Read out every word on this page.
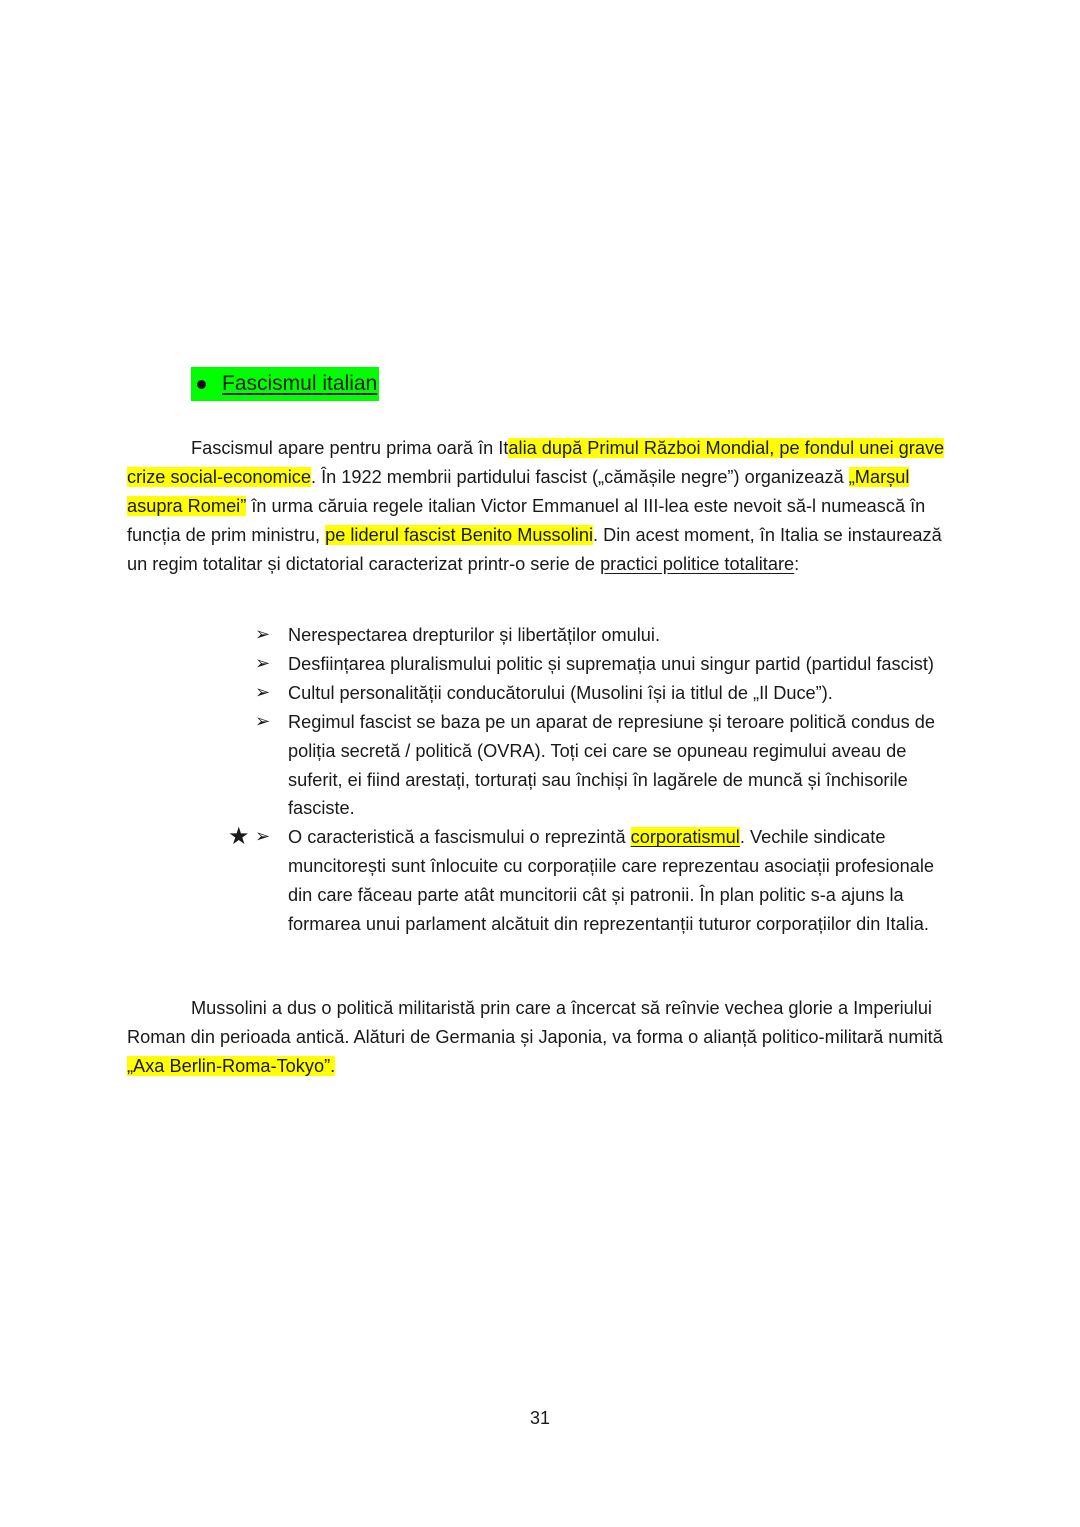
Fascismul italian
Fascismul apare pentru prima oară în Italia după Primul Război Mondial, pe fondul unei grave crize social-economice. În 1922 membrii partidului fascist („cămășile negre”) organizează „Marșul asupra Romei” în urma căruia regele italian Victor Emmanuel al III-lea este nevoit să-l numească în funcția de prim ministru, pe liderul fascist Benito Mussolini. Din acest moment, în Italia se instaurează un regim totalitar și dictatorial caracterizat printr-o serie de practici politice totalitare:
➢ Nerespectarea drepturilor și libertăților omului.
➢ Desființarea pluralismului politic și supremația unui singur partid (partidul fascist)
➢ Cultul personalității conducătorului (Musolini își ia titlul de „Il Duce”).
➢ Regimul fascist se baza pe un aparat de represiune și teroare politică condus de poliția secretă / politică (OVRA). Toți cei care se opuneau regimului aveau de suferit, ei fiind arestați, torturați sau închiși în lagărele de muncă și închisorile fasciste.
★ ➢ O caracteristică a fascismului o reprezintă corporatismul. Vechile sindicate muncitorești sunt înlocuite cu corporațiile care reprezentau asociații profesionale din care făceau parte atât muncitorii cât și patronii. În plan politic s-a ajuns la formarea unui parlament alcătuit din reprezentanții tuturor corporațiilor din Italia.
Mussolini a dus o politică militaristă prin care a încercat să reînvie vechea glorie a Imperiului Roman din perioada antică. Alături de Germania și Japonia, va forma o alianță politico-militară numită „Axa Berlin-Roma-Tokyo”.
31
